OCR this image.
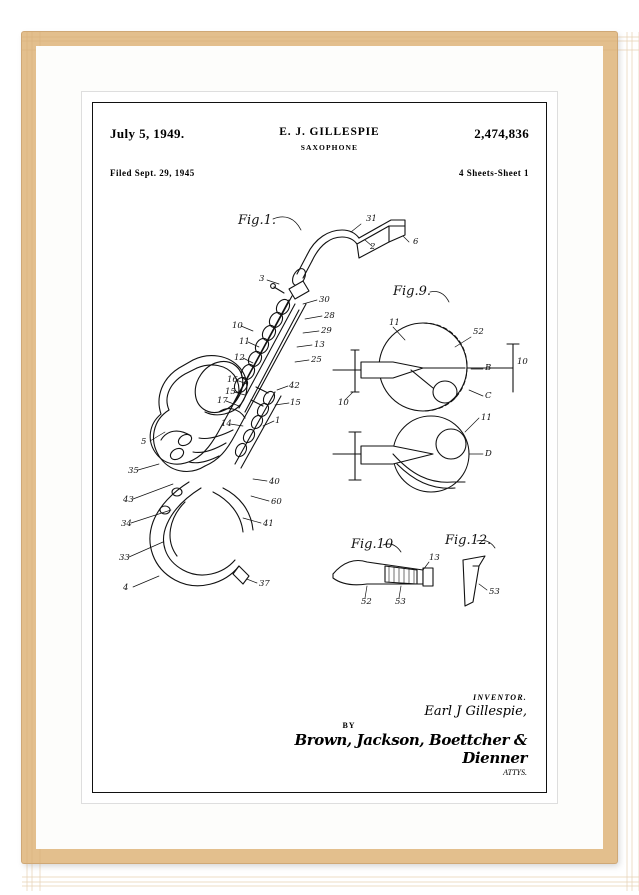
July 5, 1949.	E. J. GILLESPIE
SAXOPHONE
2,474,836
Filed Sept. 29, 1945	4 Sheets-Sheet 1
31
2	6
3
30
28
29
10
13
11
25
12
16
15
17
42
15
14	1
5
35
43
40
60
34	41
33
4	37
11
52
10
B
10
C
11
D
13
52	53
53
Fig.1.
Fig.9.
Fig.10	Fig.12.
INVENTOR.
Earl J Gillespie,
BY
Brown, Jackson, Boettcher & Dienner
ATTYS.
